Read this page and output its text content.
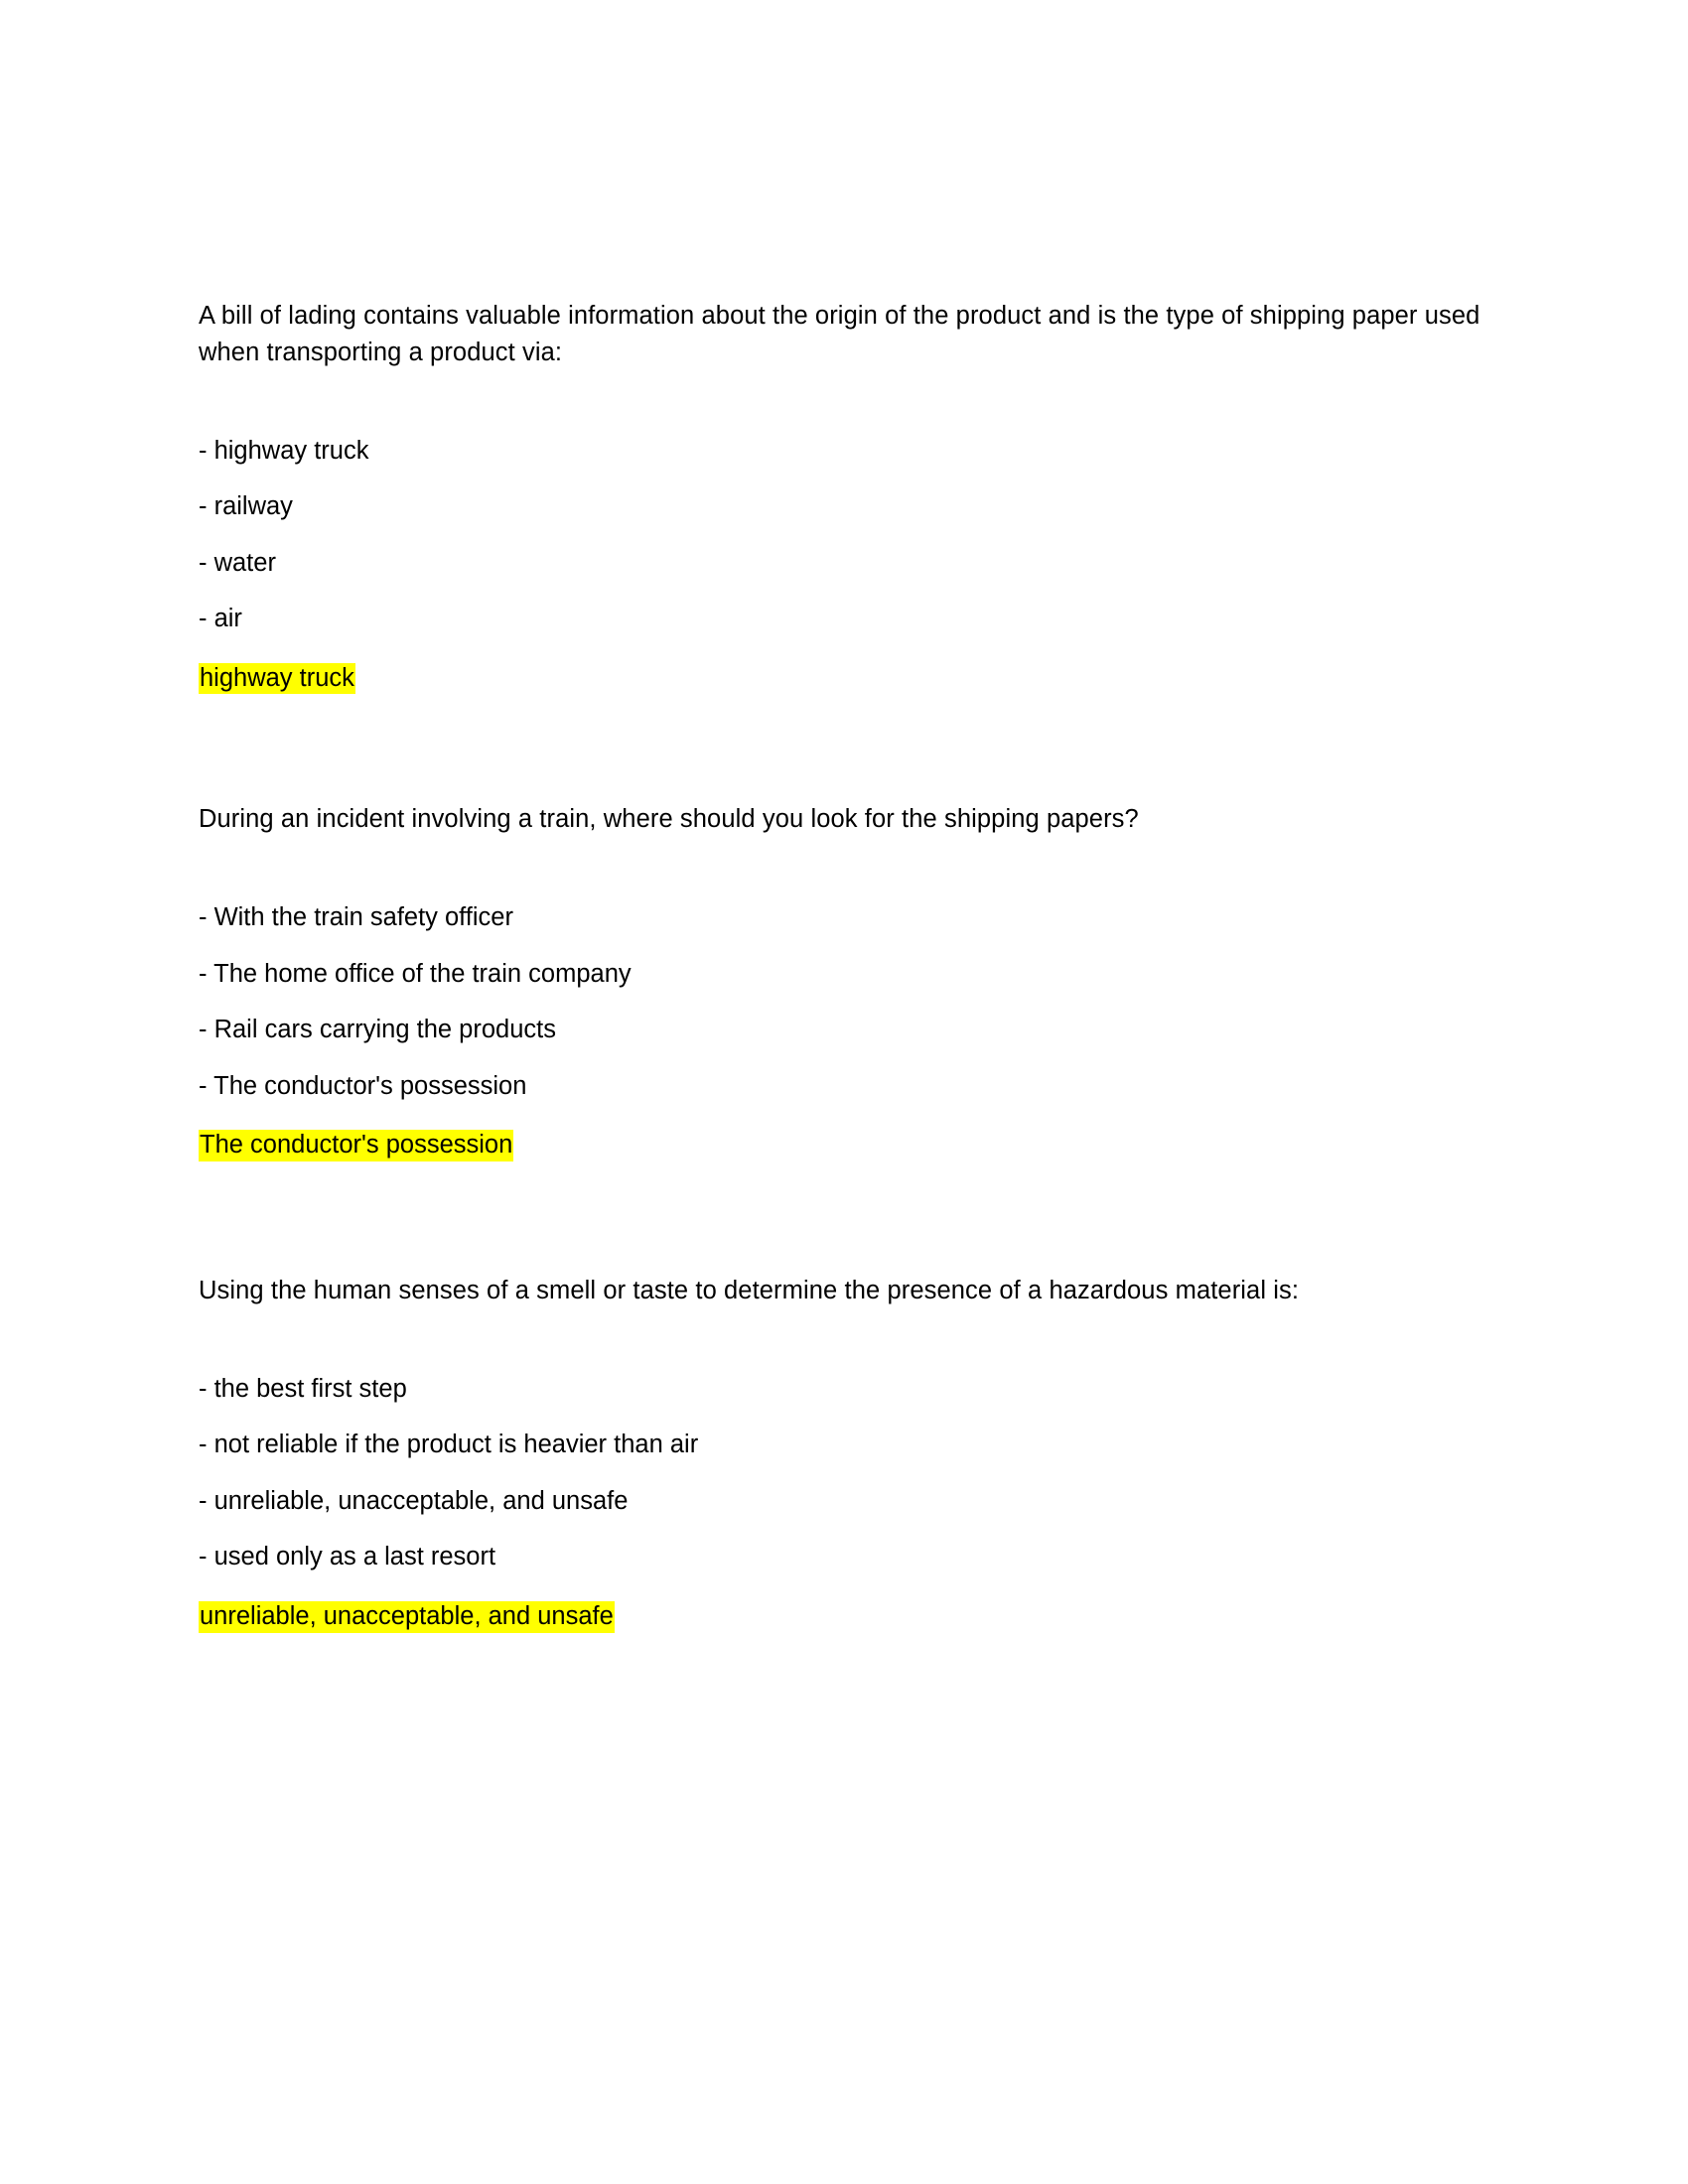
A bill of lading contains valuable information about the origin of the product and is the type of shipping paper used when transporting a product via:

- highway truck
- railway
- water
- air
highway truck

During an incident involving a train, where should you look for the shipping papers?

- With the train safety officer
- The home office of the train company
- Rail cars carrying the products
- The conductor's possession
The conductor's possession

Using the human senses of a smell or taste to determine the presence of a hazardous material is:

- the best first step
- not reliable if the product is heavier than air
- unreliable, unacceptable, and unsafe
- used only as a last resort
unreliable, unacceptable, and unsafe
